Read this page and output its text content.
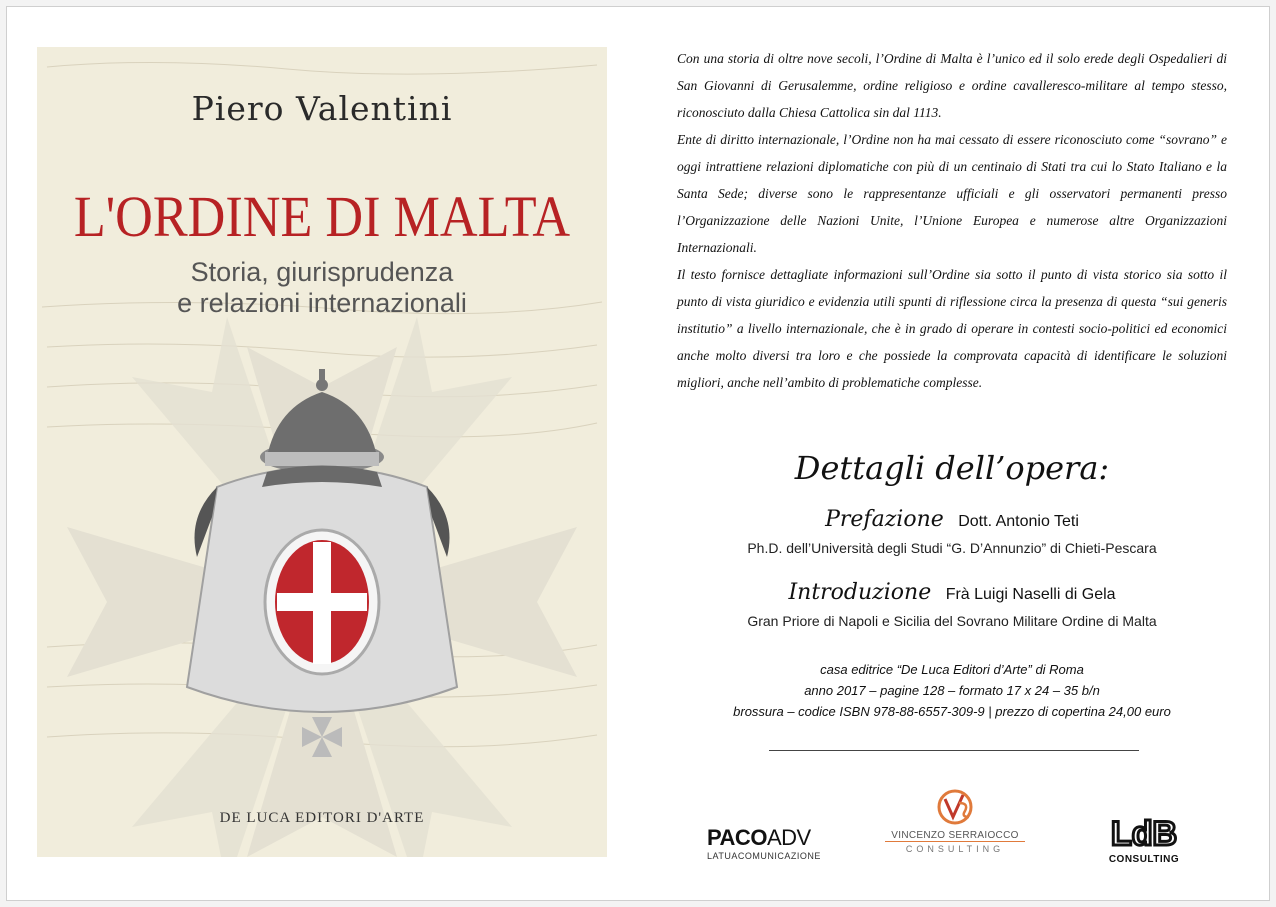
Piero Valentini
L'ORDINE DI MALTA
Storia, giurisprudenza
e relazioni internazionali
DE LUCA EDITORI D'ARTE

Con una storia di oltre nove secoli, l’Ordine di Malta è l’unico ed il solo erede degli Ospedalieri di San Giovanni di Gerusalemme, ordine religioso e ordine cavalleresco-militare al tempo stesso, riconosciuto dalla Chiesa Cattolica sin dal 1113.

Ente di diritto internazionale, l’Ordine non ha mai cessato di essere riconosciuto come “sovrano” e oggi intrattiene relazioni diplomatiche con più di un centinaio di Stati tra cui lo Stato Italiano e la Santa Sede; diverse sono le rappresentanze ufficiali e gli osservatori permanenti presso l’Organizzazione delle Nazioni Unite, l’Unione Europea e numerose altre Organizzazioni Internazionali.

Il testo fornisce dettagliate informazioni sull’Ordine sia sotto il punto di vista storico sia sotto il punto di vista giuridico e evidenzia utili spunti di riflessione circa la presenza di questa “sui generis institutio” a livello internazionale, che è in grado di operare in contesti socio-politici ed economici anche molto diversi tra loro e che possiede la comprovata capacità di identificare le soluzioni migliori, anche nell’ambito di problematiche complesse.

Dettagli dell’opera:
Prefazione Dott. Antonio Teti
Ph.D. dell’Università degli Studi “G. D’Annunzio” di Chieti-Pescara
Introduzione Frà Luigi Naselli di Gela
Gran Priore di Napoli e Sicilia del Sovrano Militare Ordine di Malta
casa editrice “De Luca Editori d’Arte” di Roma
anno 2017 – pagine 128 – formato 17 x 24 – 35 b/n
brossura – codice ISBN 978-88-6557-309-9 | prezzo di copertina 24,00 euro
PACOADV
LATUACOMUNICAZIONE
VINCENZO SERRAIOCCO
CONSULTING	LdB
CONSULTING
